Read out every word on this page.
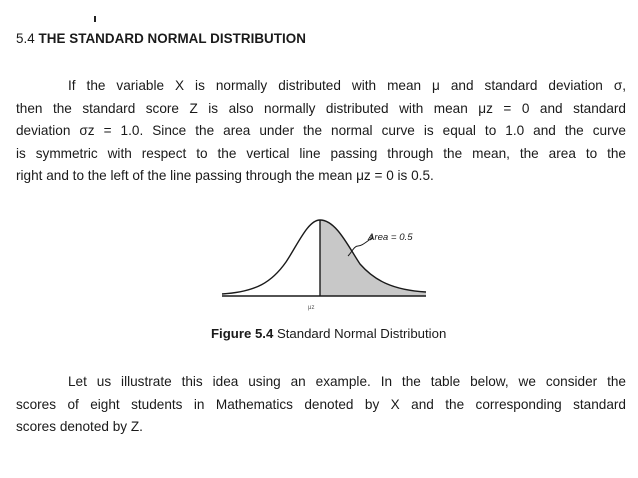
5.4 THE STANDARD NORMAL DISTRIBUTION
If the variable X is normally distributed with mean μ and standard deviation σ,
then the standard score Z is also normally distributed with mean μz = 0 and standard
deviation σz = 1.0. Since the area under the normal curve is equal to 1.0 and the curve
is symmetric with respect to the vertical line passing through the mean, the area to the
right and to the left of the line passing through the mean μz = 0 is 0.5.
μz
Area = 0.5
Figure 5.4 Standard Normal Distribution
Let us illustrate this idea using an example. In the table below, we consider the
scores of eight students in Mathematics denoted by X and the corresponding standard
scores denoted by Z.
